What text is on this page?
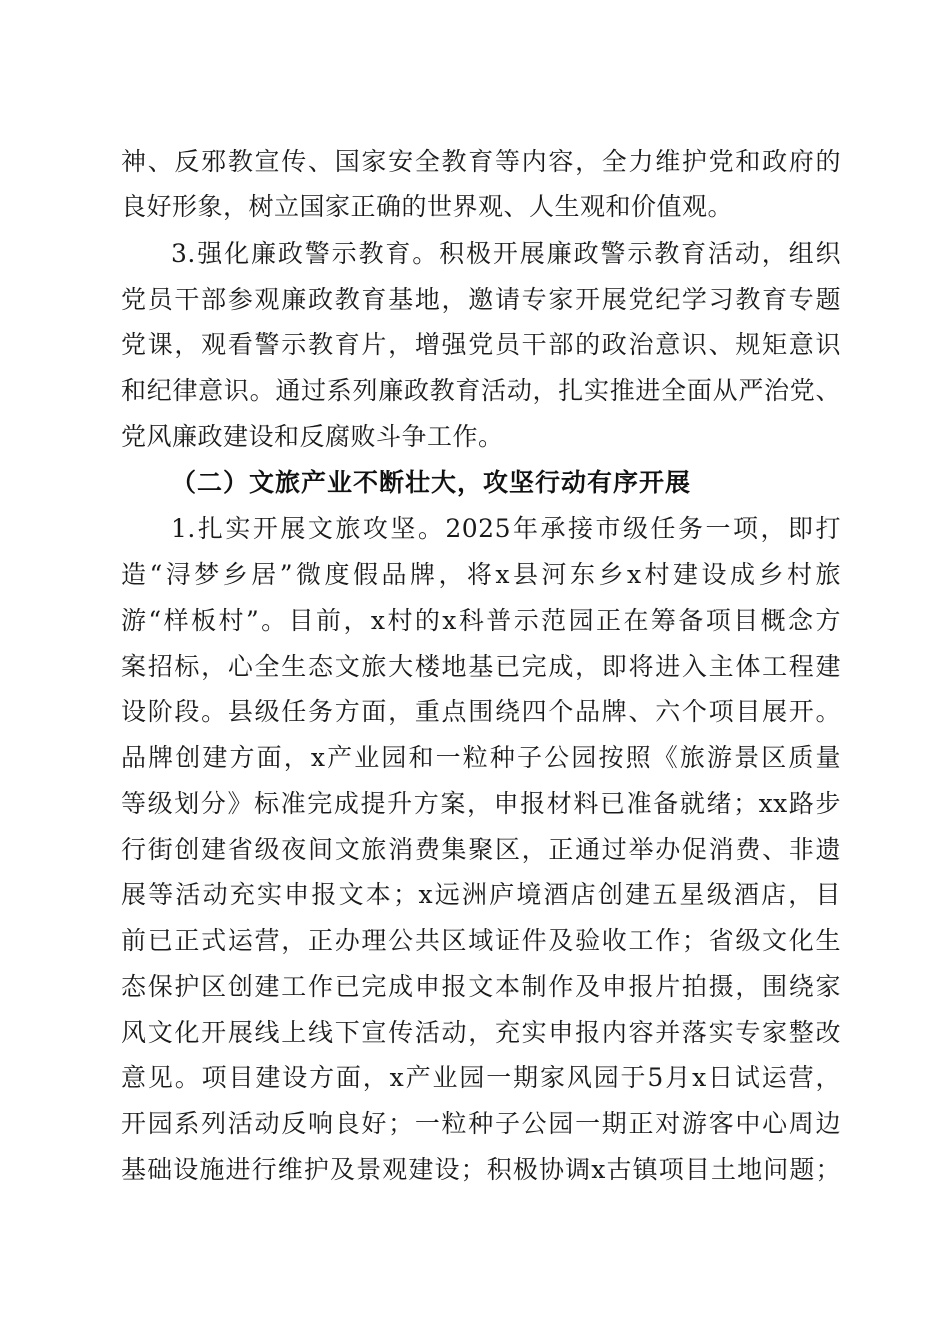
神、反邪教宣传、国家安全教育等内容，全力维护党和政府的
良好形象，树立国家正确的世界观、人生观和价值观。
3.强化廉政警示教育。积极开展廉政警示教育活动，组织
党员干部参观廉政教育基地，邀请专家开展党纪学习教育专题
党课，观看警示教育片，增强党员干部的政治意识、规矩意识
和纪律意识。通过系列廉政教育活动，扎实推进全面从严治党、
党风廉政建设和反腐败斗争工作。
（二）文旅产业不断壮大，攻坚行动有序开展
1.扎实开展文旅攻坚。2025年承接市级任务一项，即打
造“浔梦乡居”微度假品牌，将x县河东乡x村建设成乡村旅
游“样板村”。目前，x村的x科普示范园正在筹备项目概念方
案招标，心全生态文旅大楼地基已完成，即将进入主体工程建
设阶段。县级任务方面，重点围绕四个品牌、六个项目展开。
品牌创建方面，x产业园和一粒种子公园按照《旅游景区质量
等级划分》标准完成提升方案，申报材料已准备就绪；xx路步
行街创建省级夜间文旅消费集聚区，正通过举办促消费、非遗
展等活动充实申报文本；x远洲庐境酒店创建五星级酒店，目
前已正式运营，正办理公共区域证件及验收工作；省级文化生
态保护区创建工作已完成申报文本制作及申报片拍摄，围绕家
风文化开展线上线下宣传活动，充实申报内容并落实专家整改
意见。项目建设方面，x产业园一期家风园于5月x日试运营，
开园系列活动反响良好；一粒种子公园一期正对游客中心周边
基础设施进行维护及景观建设；积极协调x古镇项目土地问题；
